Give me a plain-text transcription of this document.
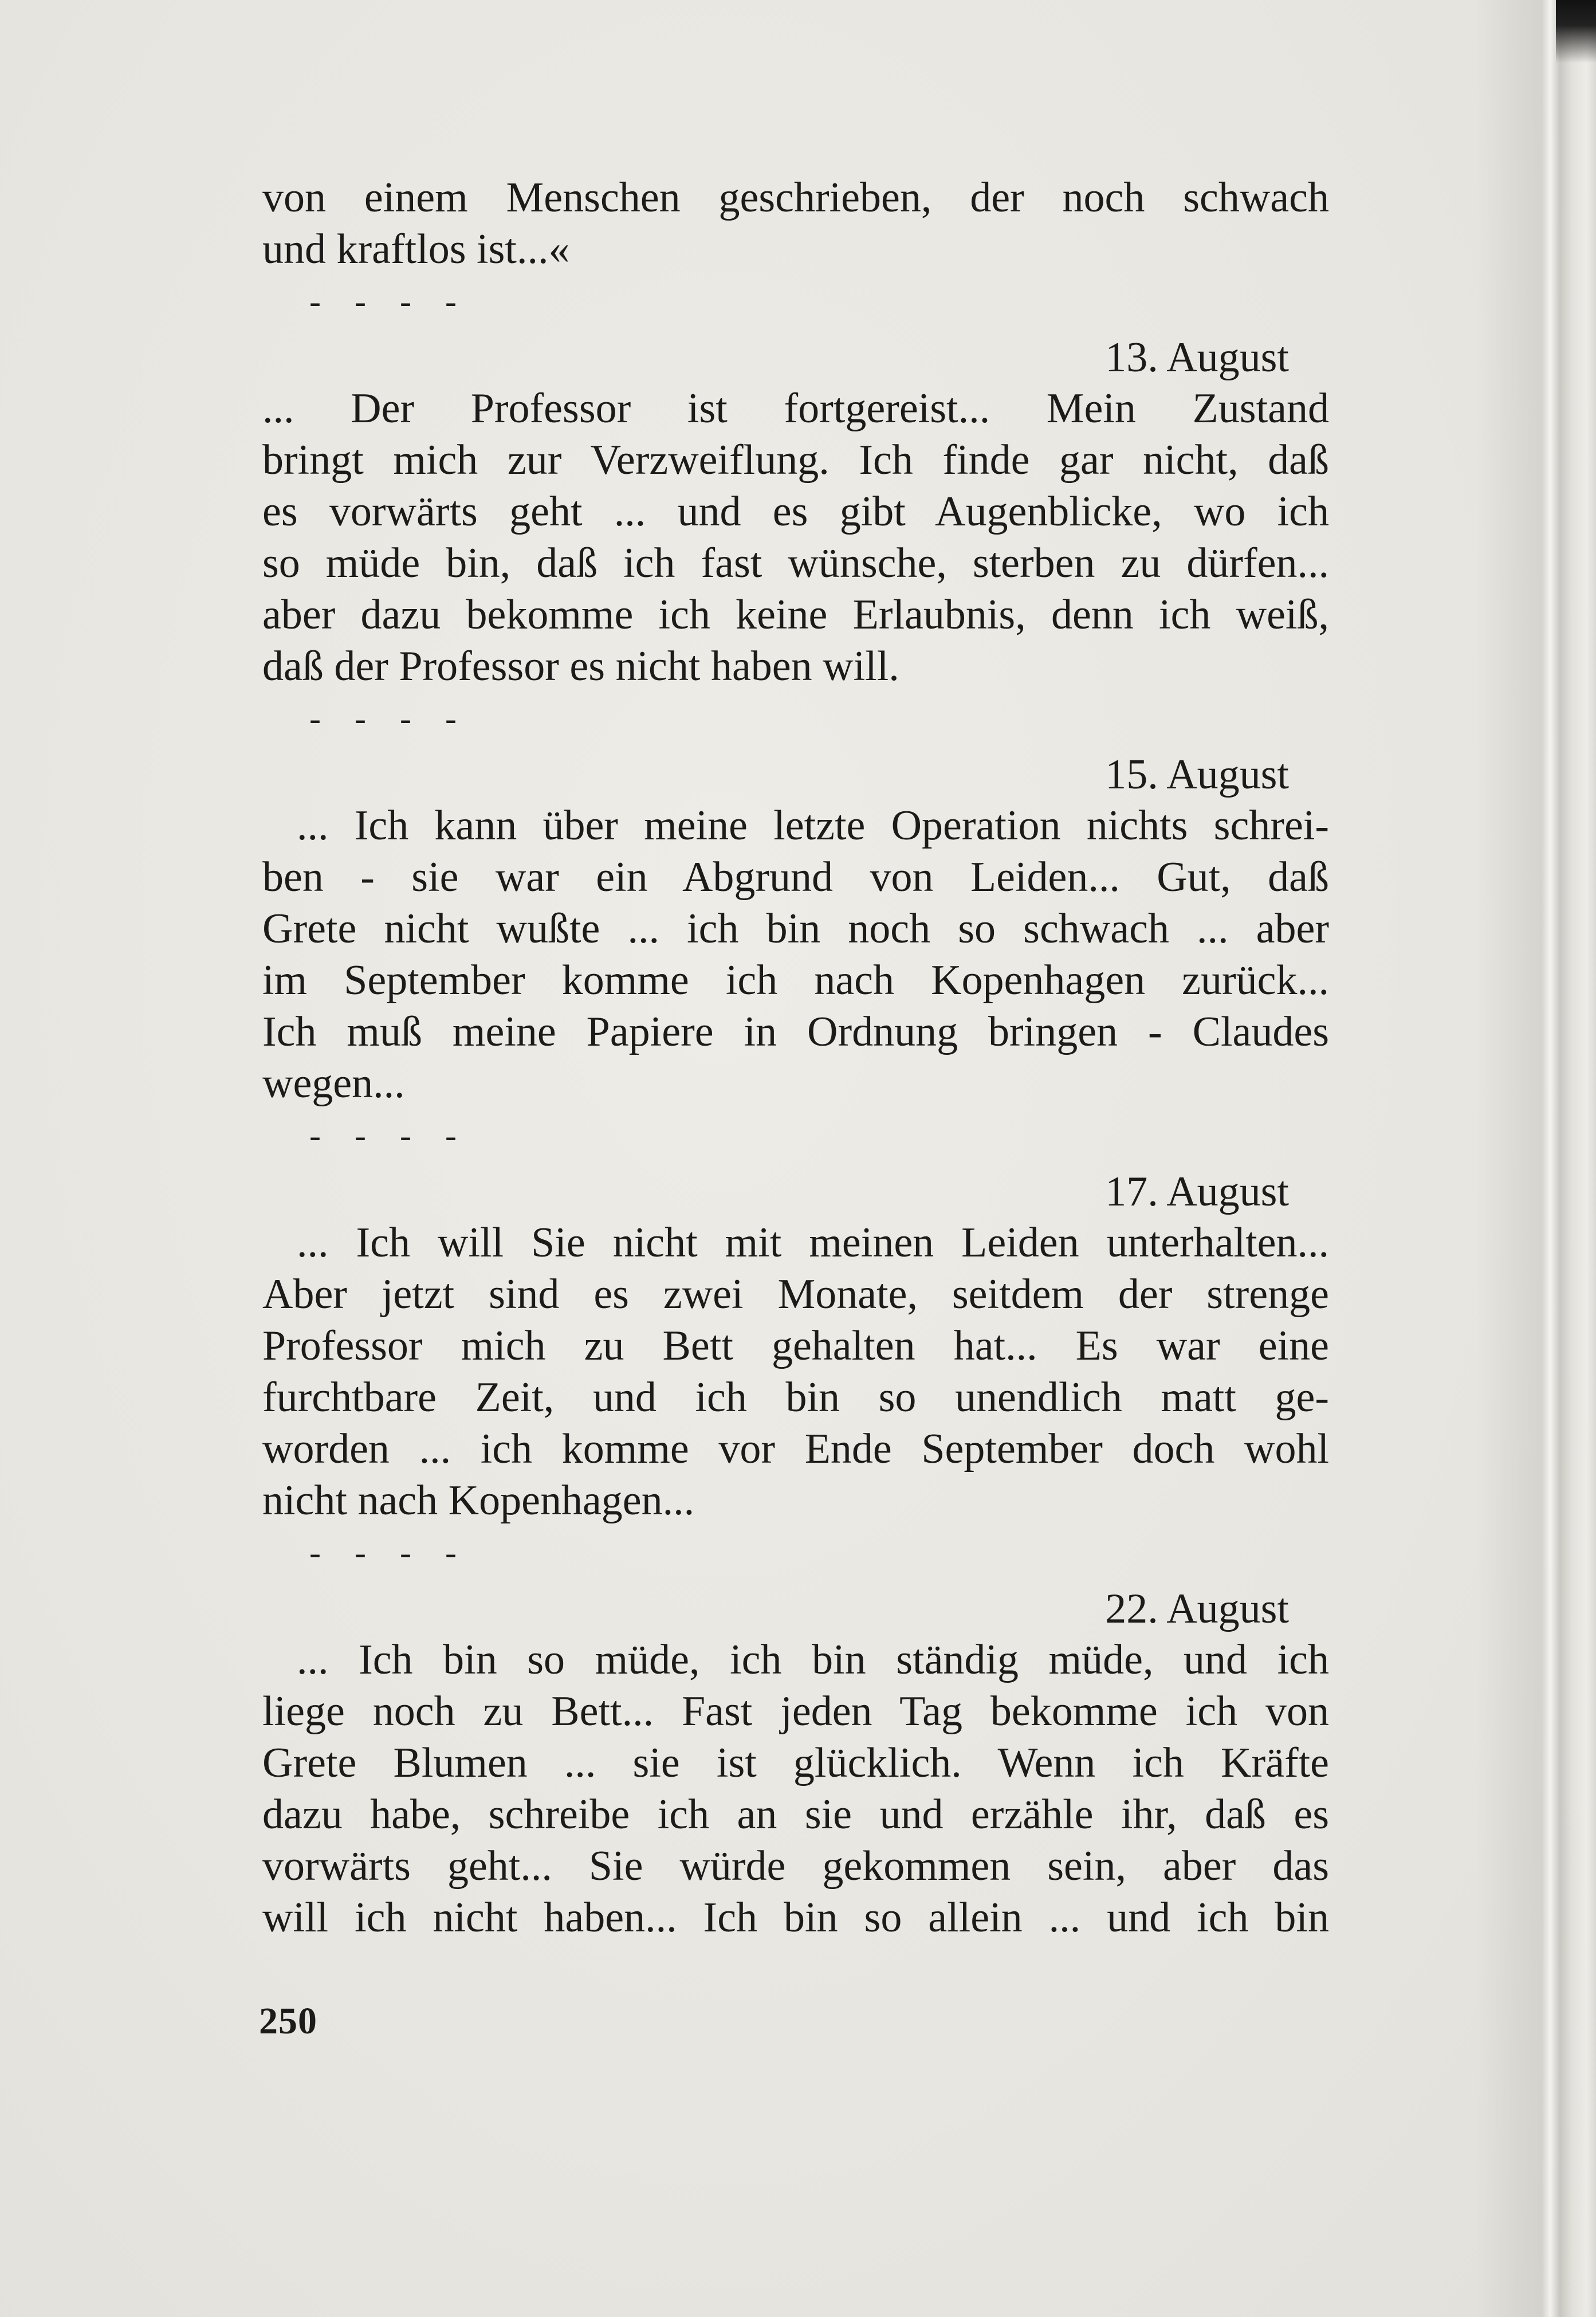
von einem Menschen geschrieben, der noch schwach
und kraftlos ist...«
- - - -
13. August
... Der Professor ist fortgereist... Mein Zustand
bringt mich zur Verzweiflung. Ich finde gar nicht, daß
es vorwärts geht ... und es gibt Augenblicke, wo ich
so müde bin, daß ich fast wünsche, sterben zu dürfen...
aber dazu bekomme ich keine Erlaubnis, denn ich weiß,
daß der Professor es nicht haben will.
- - - -
15. August
... Ich kann über meine letzte Operation nichts schrei-
ben - sie war ein Abgrund von Leiden... Gut, daß
Grete nicht wußte ... ich bin noch so schwach ... aber
im September komme ich nach Kopenhagen zurück...
Ich muß meine Papiere in Ordnung bringen - Claudes
wegen...
- - - -
17. August
... Ich will Sie nicht mit meinen Leiden unterhalten...
Aber jetzt sind es zwei Monate, seitdem der strenge
Professor mich zu Bett gehalten hat... Es war eine
furchtbare Zeit, und ich bin so unendlich matt ge-
worden ... ich komme vor Ende September doch wohl
nicht nach Kopenhagen...
- - - -
22. August
... Ich bin so müde, ich bin ständig müde, und ich
liege noch zu Bett... Fast jeden Tag bekomme ich von
Grete Blumen ... sie ist glücklich. Wenn ich Kräfte
dazu habe, schreibe ich an sie und erzähle ihr, daß es
vorwärts geht... Sie würde gekommen sein, aber das
will ich nicht haben... Ich bin so allein ... und ich bin
250
